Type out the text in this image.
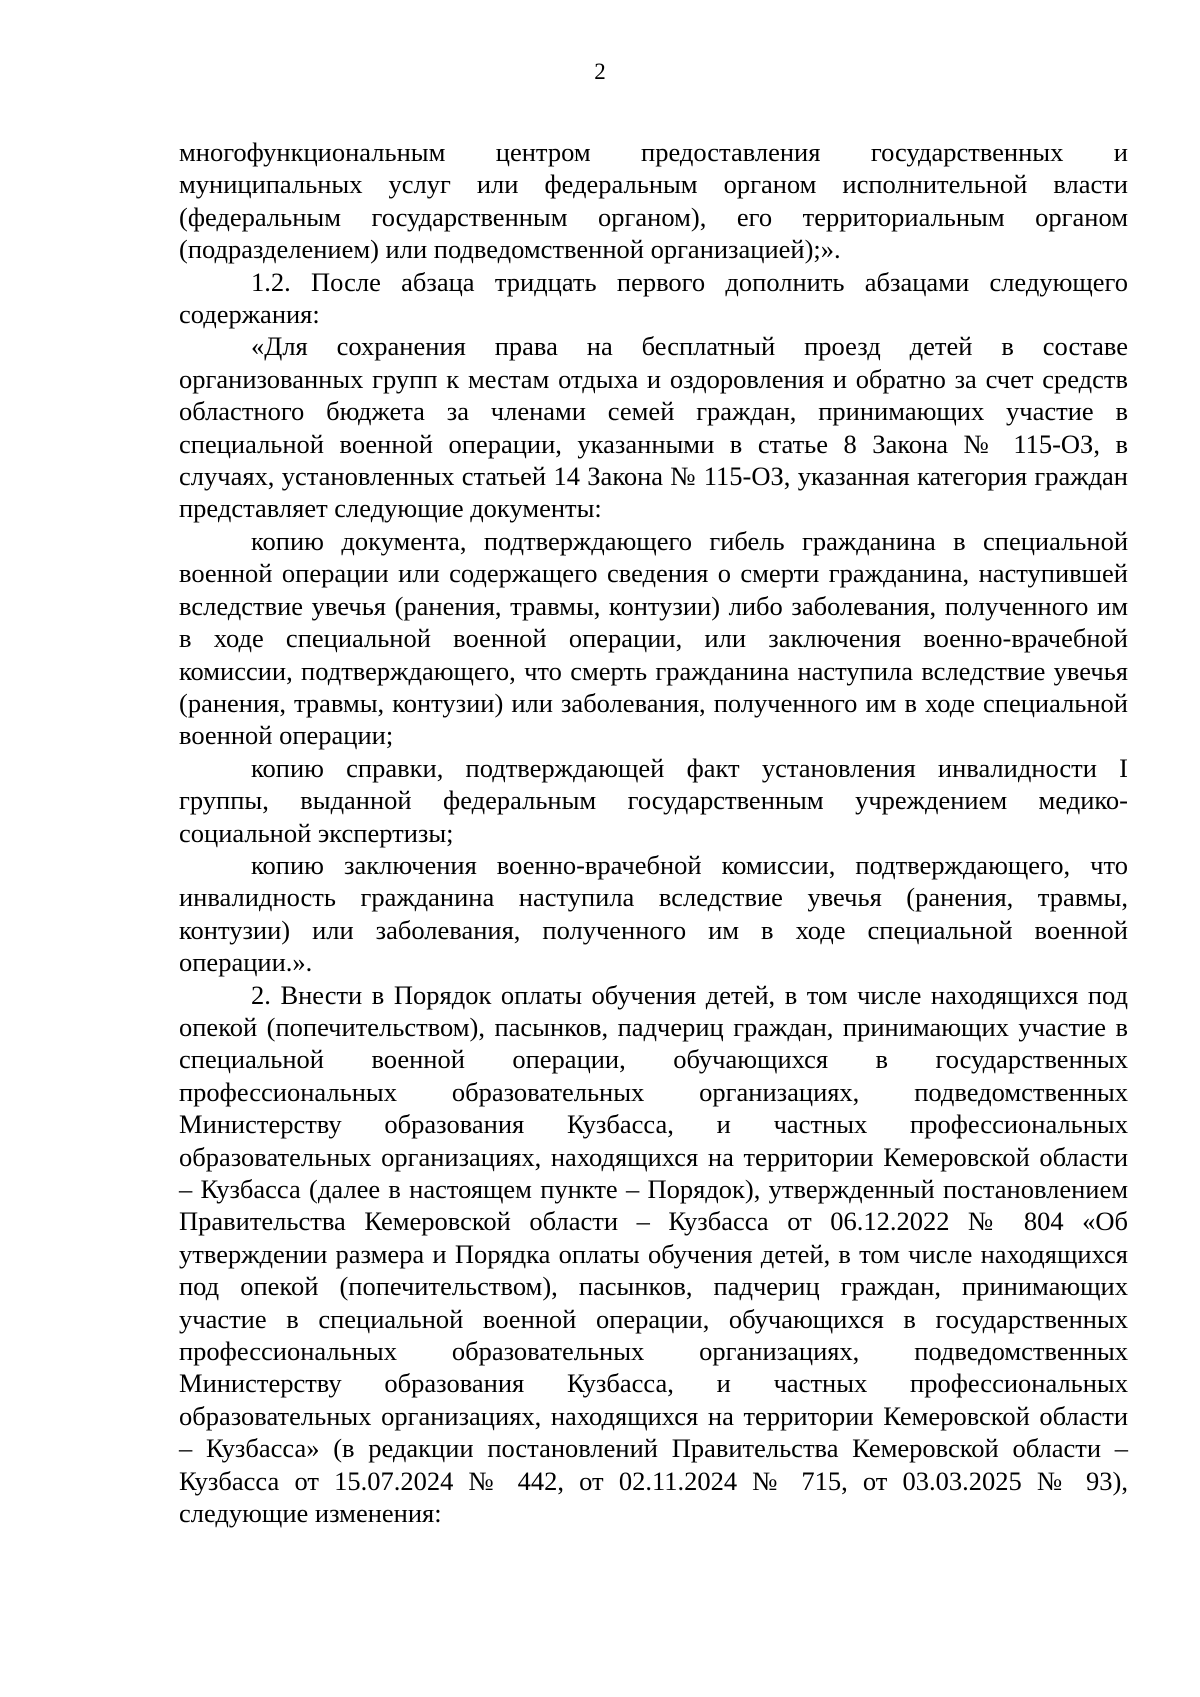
2

многофункциональным центром предоставления государственных и муниципальных услуг или федеральным органом исполнительной власти (федеральным государственным органом), его территориальным органом (подразделением) или подведомственной организацией);».

1.2. После абзаца тридцать первого дополнить абзацами следующего содержания:

«Для сохранения права на бесплатный проезд детей в составе организованных групп к местам отдыха и оздоровления и обратно за счет средств областного бюджета за членами семей граждан, принимающих участие в специальной военной операции, указанными в статье 8 Закона № 115-ОЗ, в случаях, установленных статьей 14 Закона № 115-ОЗ, указанная категория граждан представляет следующие документы:

копию документа, подтверждающего гибель гражданина в специальной военной операции или содержащего сведения о смерти гражданина, наступившей вследствие увечья (ранения, травмы, контузии) либо заболевания, полученного им в ходе специальной военной операции, или заключения военно-врачебной комиссии, подтверждающего, что смерть гражданина наступила вследствие увечья (ранения, травмы, контузии) или заболевания, полученного им в ходе специальной военной операции;

копию справки, подтверждающей факт установления инвалидности I группы, выданной федеральным государственным учреждением медико-социальной экспертизы;

копию заключения военно-врачебной комиссии, подтверждающего, что инвалидность гражданина наступила вследствие увечья (ранения, травмы, контузии) или заболевания, полученного им в ходе специальной военной операции.».

2. Внести в Порядок оплаты обучения детей, в том числе находящихся под опекой (попечительством), пасынков, падчериц граждан, принимающих участие в специальной военной операции, обучающихся в государственных профессиональных образовательных организациях, подведомственных Министерству образования Кузбасса, и частных профессиональных образовательных организациях, находящихся на территории Кемеровской области – Кузбасса (далее в настоящем пункте – Порядок), утвержденный постановлением Правительства Кемеровской области – Кузбасса от 06.12.2022 № 804 «Об утверждении размера и Порядка оплаты обучения детей, в том числе находящихся под опекой (попечительством), пасынков, падчериц граждан, принимающих участие в специальной военной операции, обучающихся в государственных профессиональных образовательных организациях, подведомственных Министерству образования Кузбасса, и частных профессиональных образовательных организациях, находящихся на территории Кемеровской области – Кузбасса» (в редакции постановлений Правительства Кемеровской области – Кузбасса от 15.07.2024 № 442, от 02.11.2024 № 715, от 03.03.2025 № 93), следующие изменения:
